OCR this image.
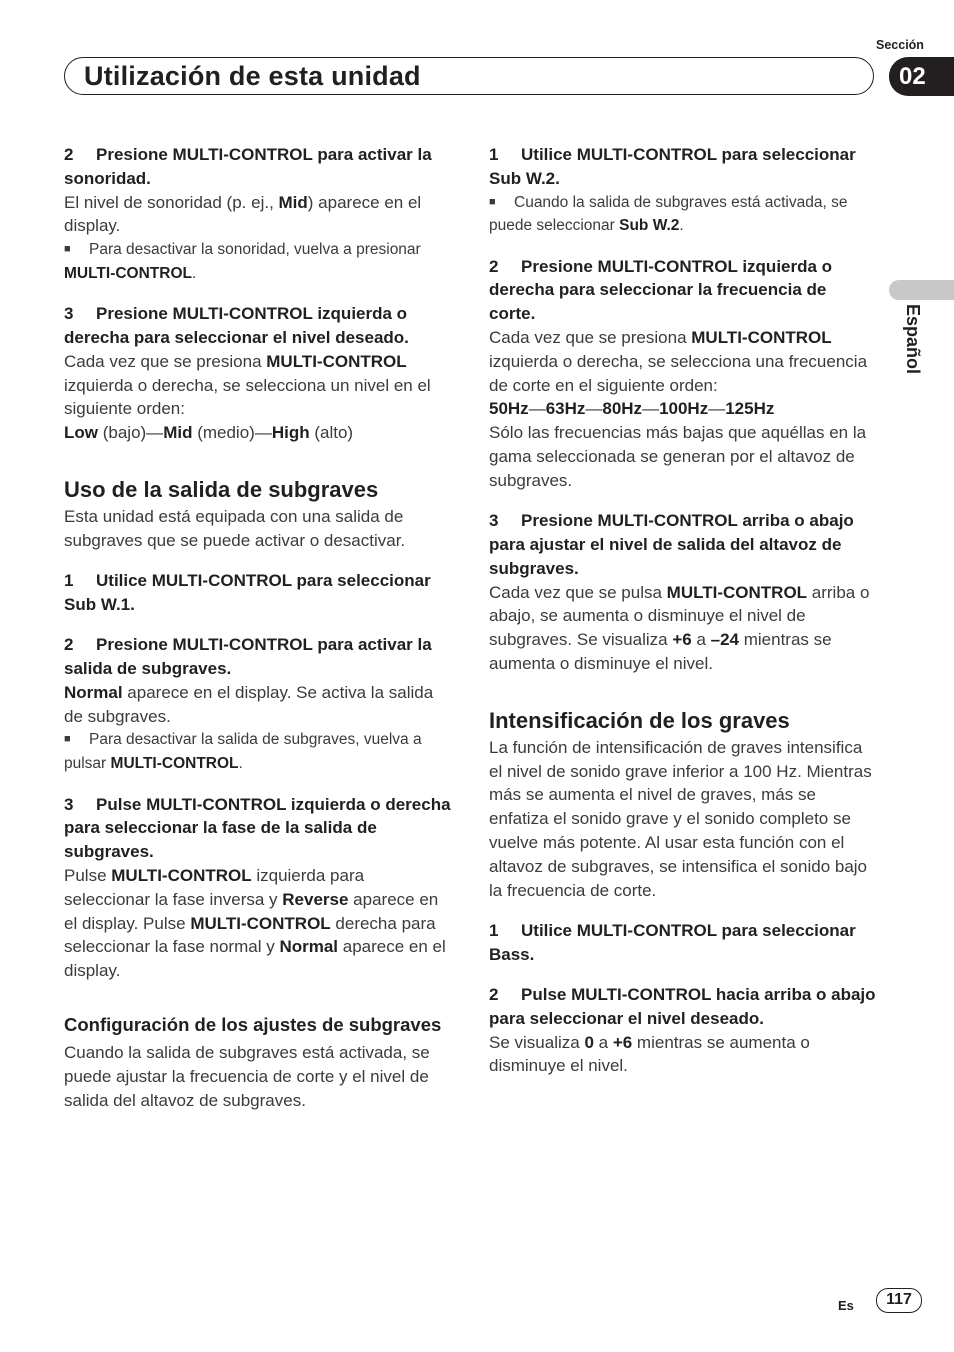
Utilización de esta unidad
Sección
02
Español

2 Presione MULTI-CONTROL para activar la sonoridad.

El nivel de sonoridad (p. ej., Mid) aparece en el display.

■ Para desactivar la sonoridad, vuelva a presionar MULTI-CONTROL.

3 Presione MULTI-CONTROL izquierda o derecha para seleccionar el nivel deseado.

Cada vez que se presiona MULTI-CONTROL izquierda o derecha, se selecciona un nivel en el siguiente orden:

Low (bajo)—Mid (medio)—High (alto)

Uso de la salida de subgraves

Esta unidad está equipada con una salida de subgraves que se puede activar o desactivar.

1 Utilice MULTI-CONTROL para seleccionar Sub W.1.

2 Presione MULTI-CONTROL para activar la salida de subgraves.

Normal aparece en el display. Se activa la salida de subgraves.

■ Para desactivar la salida de subgraves, vuelva a pulsar MULTI-CONTROL.

3 Pulse MULTI-CONTROL izquierda o derecha para seleccionar la fase de la salida de subgraves.

Pulse MULTI-CONTROL izquierda para seleccionar la fase inversa y Reverse aparece en el display. Pulse MULTI-CONTROL derecha para seleccionar la fase normal y Normal aparece en el display.

Configuración de los ajustes de subgraves

Cuando la salida de subgraves está activada, se puede ajustar la frecuencia de corte y el nivel de salida del altavoz de subgraves.

1 Utilice MULTI-CONTROL para seleccionar Sub W.2.

■ Cuando la salida de subgraves está activada, se puede seleccionar Sub W.2.

2 Presione MULTI-CONTROL izquierda o derecha para seleccionar la frecuencia de corte.

Cada vez que se presiona MULTI-CONTROL izquierda o derecha, se selecciona una frecuencia de corte en el siguiente orden:

50Hz—63Hz—80Hz—100Hz—125Hz

Sólo las frecuencias más bajas que aquéllas en la gama seleccionada se generan por el altavoz de subgraves.

3 Presione MULTI-CONTROL arriba o abajo para ajustar el nivel de salida del altavoz de subgraves.

Cada vez que se pulsa MULTI-CONTROL arriba o abajo, se aumenta o disminuye el nivel de subgraves. Se visualiza +6 a –24 mientras se aumenta o disminuye el nivel.

Intensificación de los graves

La función de intensificación de graves intensifica el nivel de sonido grave inferior a 100 Hz. Mientras más se aumenta el nivel de graves, más se enfatiza el sonido grave y el sonido completo se vuelve más potente. Al usar esta función con el altavoz de subgraves, se intensifica el sonido bajo la frecuencia de corte.

1 Utilice MULTI-CONTROL para seleccionar Bass.

2 Pulse MULTI-CONTROL hacia arriba o abajo para seleccionar el nivel deseado.

Se visualiza 0 a +6 mientras se aumenta o disminuye el nivel.

Es	117
